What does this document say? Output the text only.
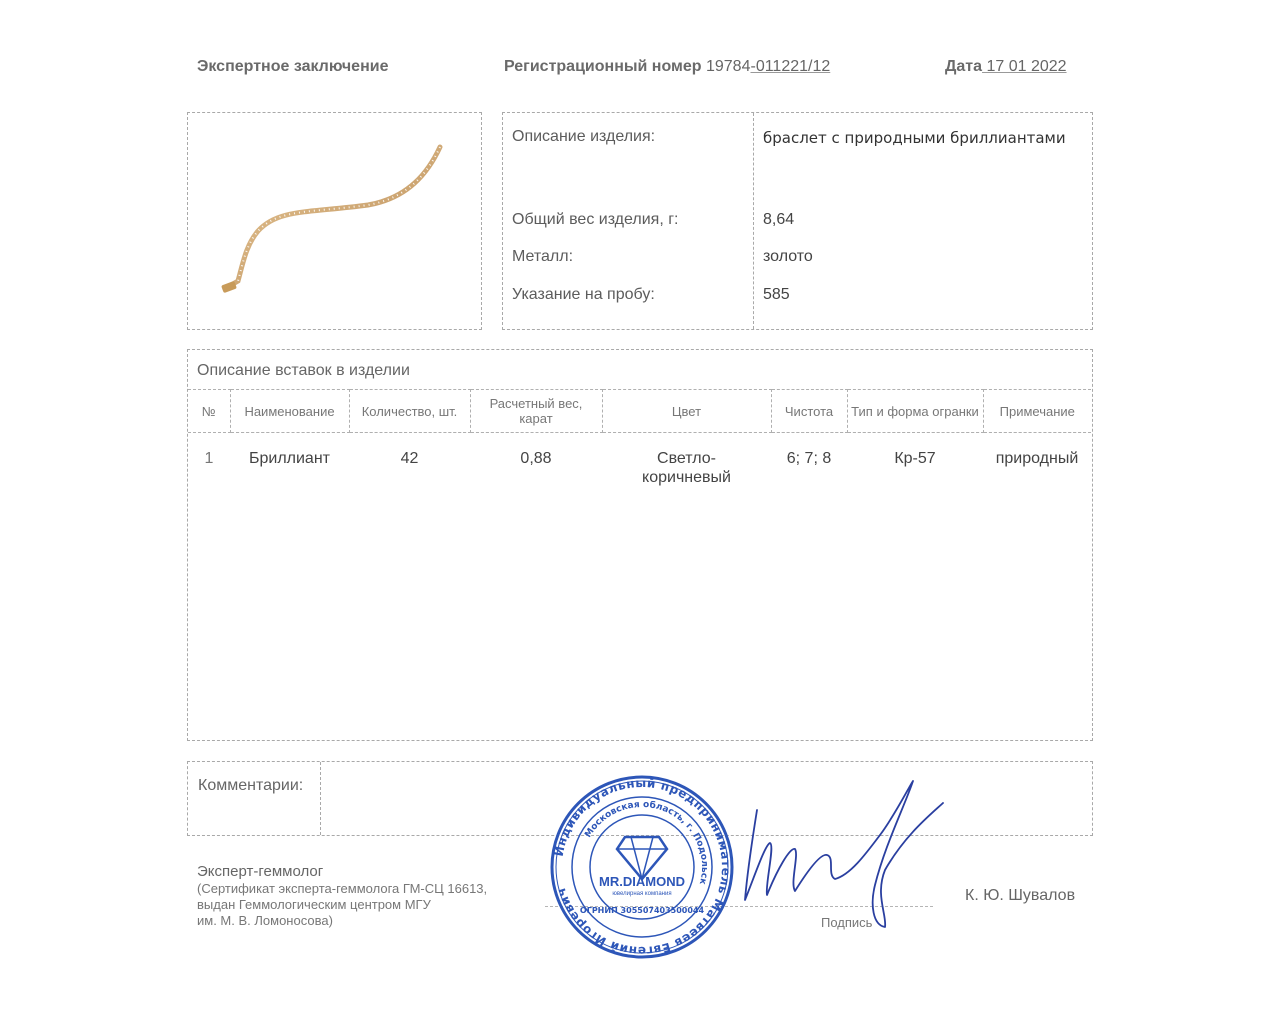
Экспертное заключение	Регистрационный номер 19784-011221/12	Дата 17 01 2022
Описание изделия:	браслет с природными бриллиантами
Общий вес изделия, г:	8,64
Металл:	золото
Указание на пробу:	585
Описание вставок в изделии
№	Наименование	Количество, шт.	Расчетный вес, карат	Цвет	Чистота	Тип и форма огранки	Примечание
1	Бриллиант	42	0,88	Светло-коричневый	6; 7; 8	Кр-57	природный
Комментарии:
Эксперт-геммолог
(Сертификат эксперта-геммолога ГМ-СЦ 16613,
выдан Геммологическим центром МГУ
им. М. В. Ломоносова)	Подпись
К. Ю. Шувалов
Индивидуальный предприниматель Матвеев Евгений Игоревич
Московская область, г. Подольск
MR.DIAMOND
ювелирная компания
ОГРНИП 305507403500044
